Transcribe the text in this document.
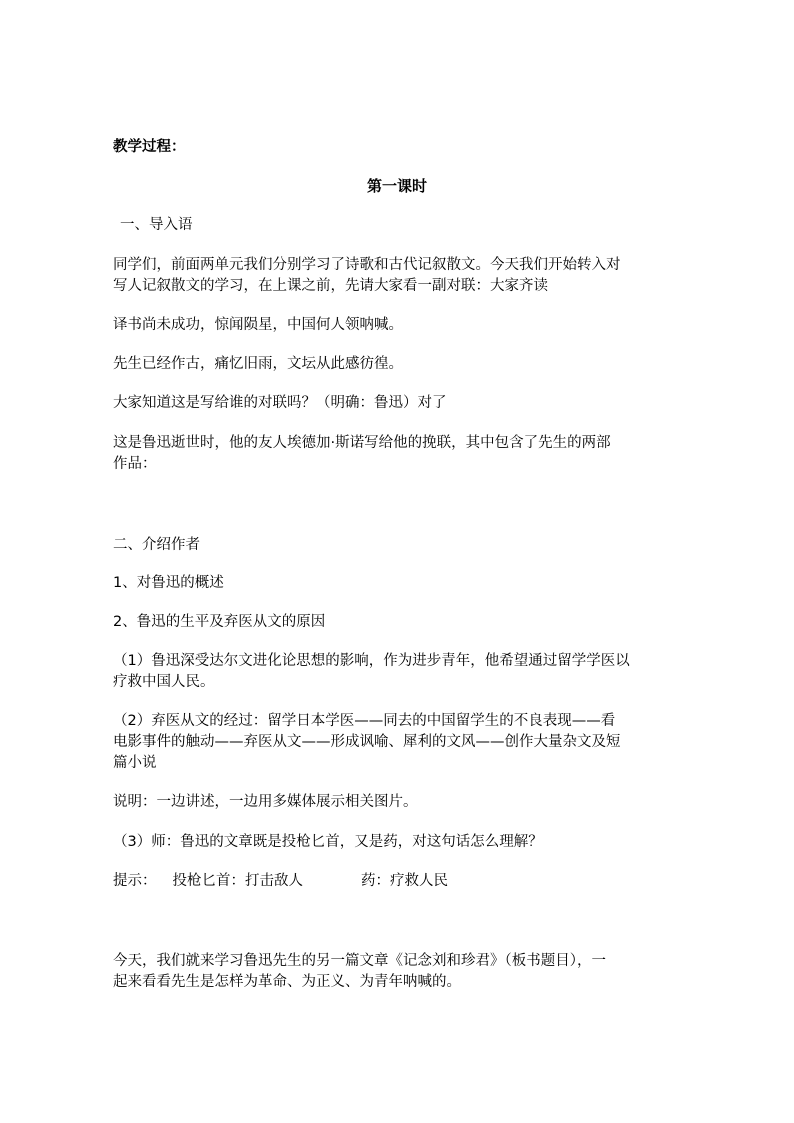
教学过程：
第一课时
一、导入语
同学们，前面两单元我们分别学习了诗歌和古代记叙散文。今天我们开始转入对
写人记叙散文的学习，在上课之前，先请大家看一副对联：大家齐读
译书尚未成功，惊闻陨星，中国何人领呐喊。
先生已经作古，痛忆旧雨，文坛从此感彷徨。
大家知道这是写给谁的对联吗？（明确：鲁迅）对了
这是鲁迅逝世时，他的友人埃德加·斯诺写给他的挽联，其中包含了先生的两部
作品：
二、介绍作者
1、对鲁迅的概述
2、鲁迅的生平及弃医从文的原因
（1）鲁迅深受达尔文进化论思想的影响，作为进步青年，他希望通过留学学医以
疗救中国人民。
（2）弃医从文的经过：留学日本学医——同去的中国留学生的不良表现——看
电影事件的触动——弃医从文——形成讽喻、犀利的文风——创作大量杂文及短
篇小说
说明：一边讲述，一边用多媒体展示相关图片。
（3）师：鲁迅的文章既是投枪匕首，又是药，对这句话怎么理解？
提示： 投枪匕首：打击敌人	药：疗救人民
今天，我们就来学习鲁迅先生的另一篇文章《记念刘和珍君》（板书题目），一
起来看看先生是怎样为革命、为正义、为青年呐喊的。
